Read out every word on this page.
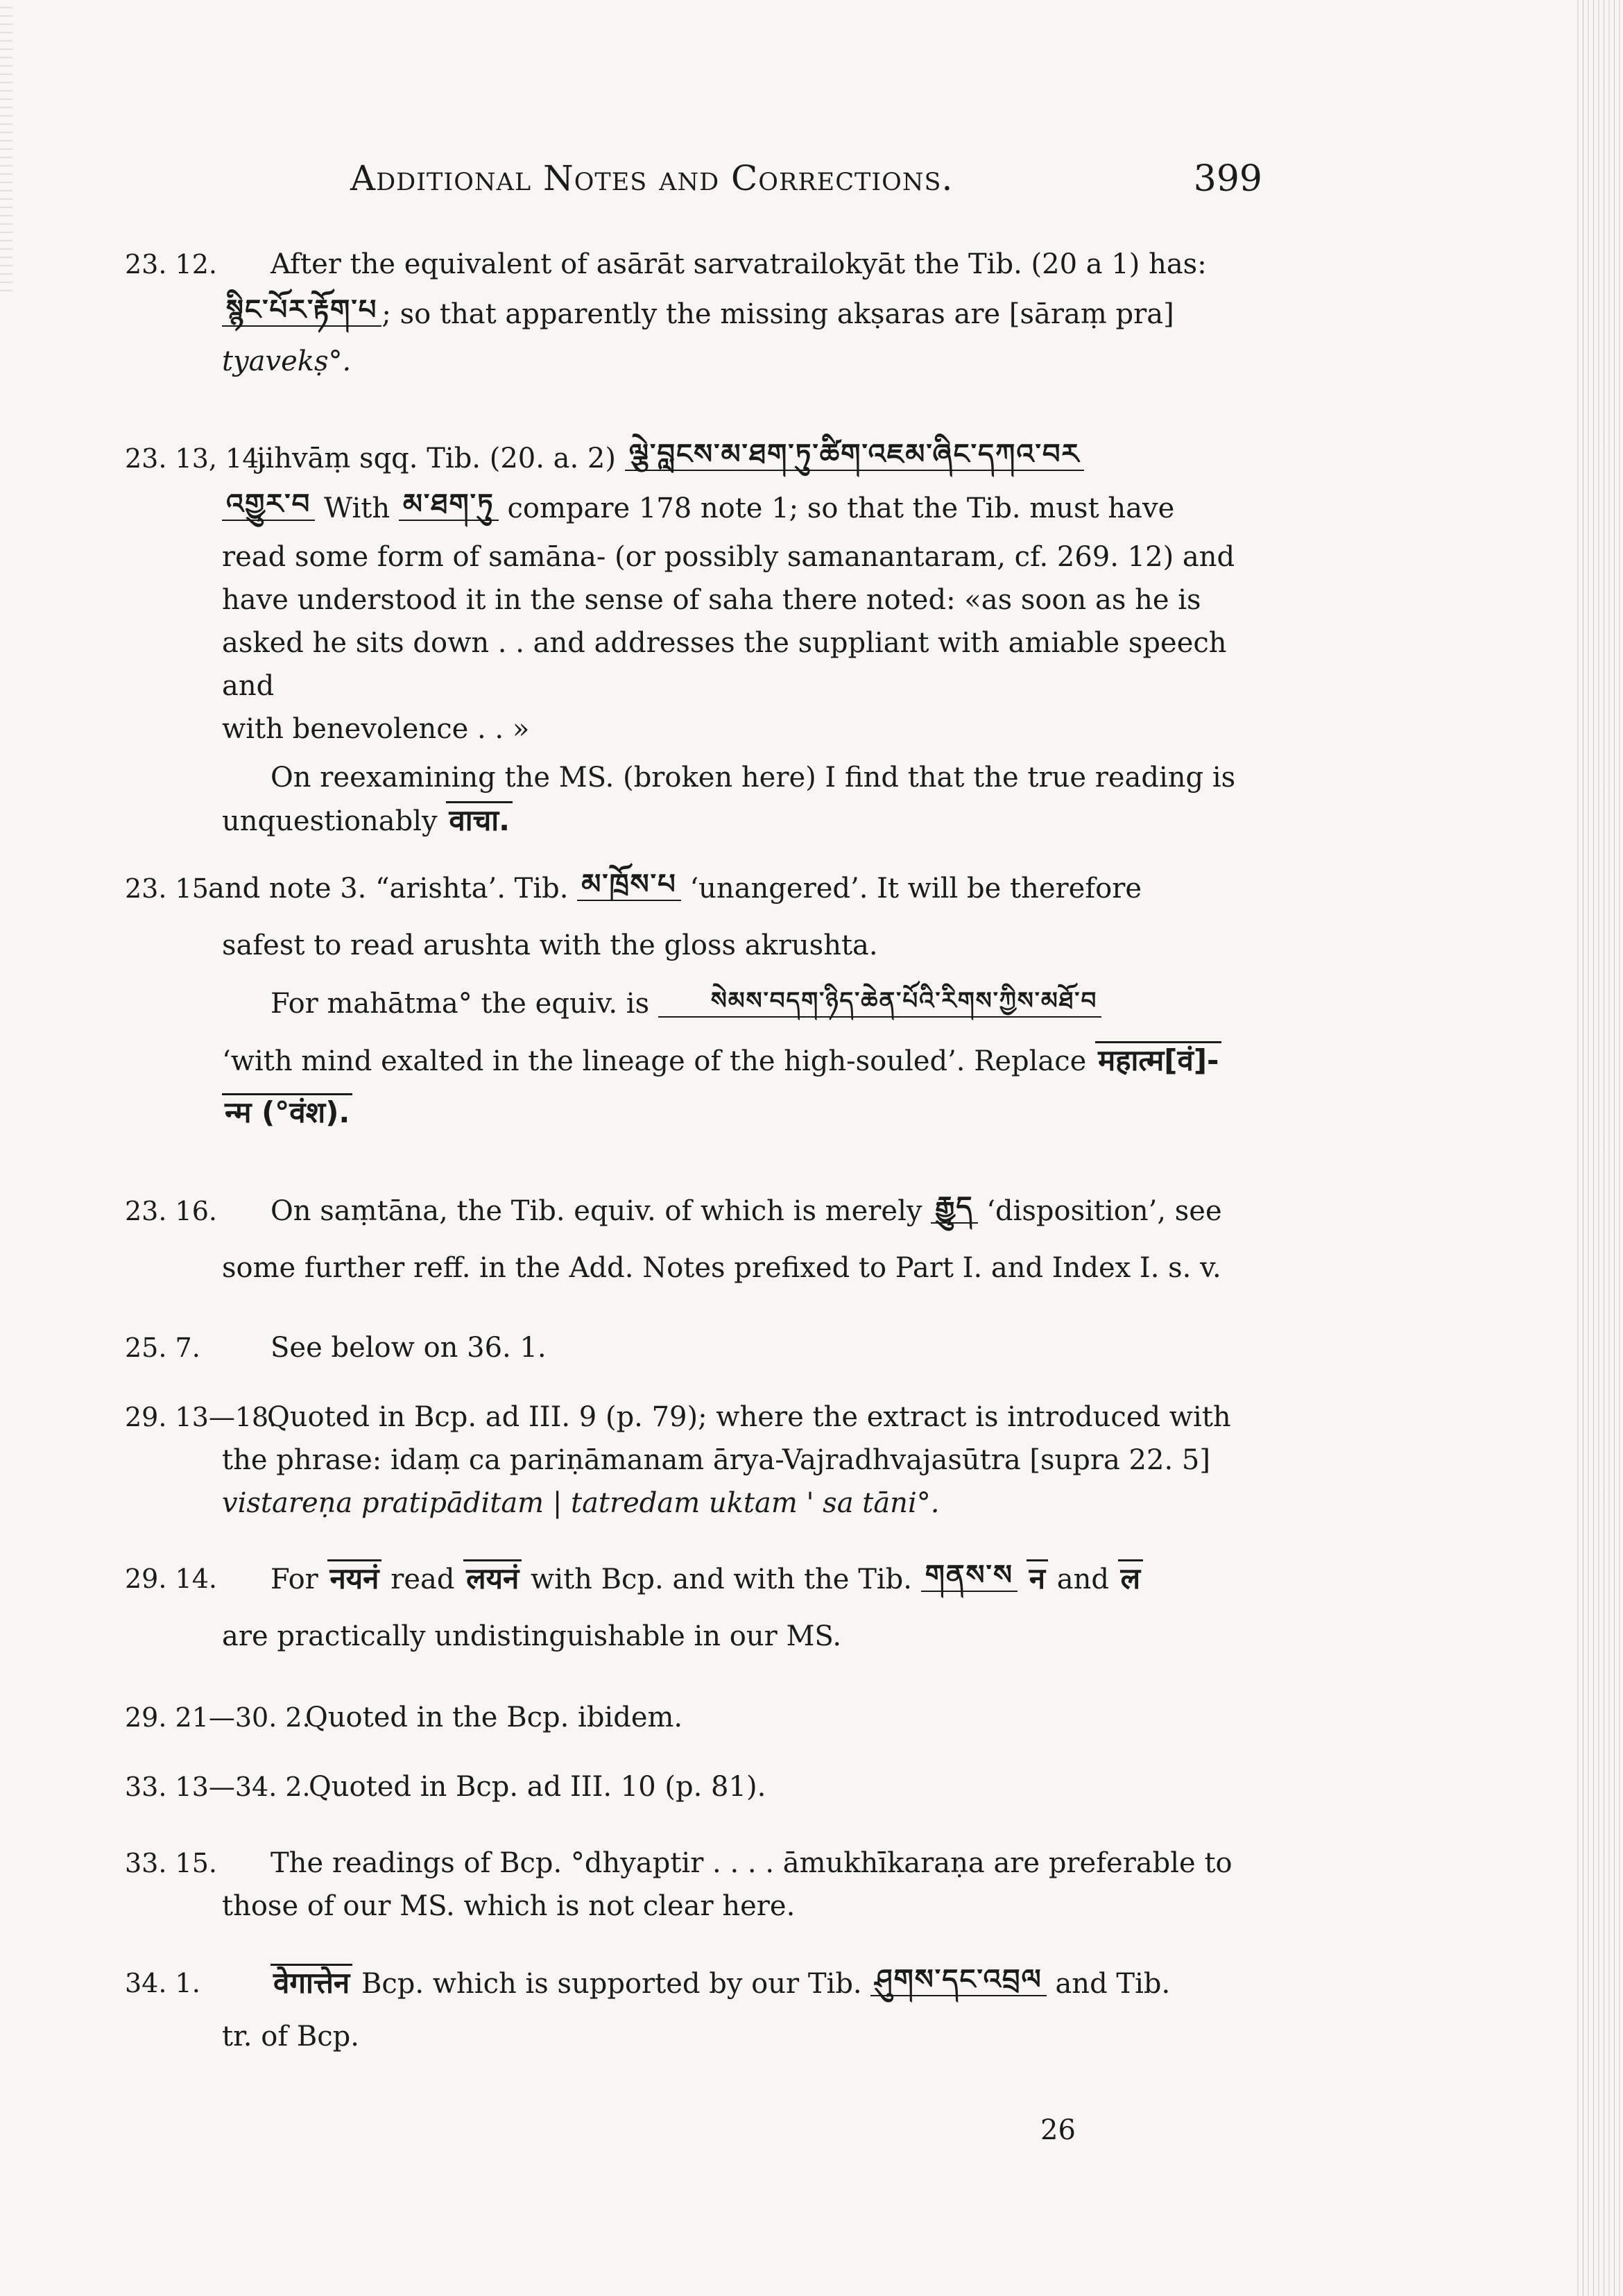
Additional Notes and Corrections.	399
23. 12. After the equivalent of asārāt sarvatrailokyāt the Tib. (20 a 1) has:

སྙིང་པོར་རྟོག་པ ; so that apparently the missing akṣaras are [sāraṃ pra]

tyavekṣ°.

23. 13, 14.

jihvāṃ sqq. Tib. (20. a. 2) ལྕེ་བླངས་མ་ཐག་ཏུ་ཚིག་འཇམ་ཞིང་དཀའ་བར

འགྱུར་བ With མ་ཐག་ཏུ compare 178 note 1; so that the Tib. must have

read some form of samāna- (or possibly samanantaram, cf. 269. 12) and

have understood it in the sense of saha there noted: «as soon as he is

asked he sits down . . and addresses the suppliant with amiable speech and

with benevolence . . »

On reexamining the MS. (broken here) I find that the true reading is

unquestionably वाचा.

23. 15 and note 3. “arishta’. Tib. མ་ཁྲོས་པ ‘unangered’. It will be therefore

safest to read arushta with the gloss akrushta.

For mahātma° the equiv. is	སེམས་བདག་ཉིད་ཆེན་པོའི་རིགས་ཀྱིས་མཐོ་བ

‘with mind exalted in the lineage of the high-souled’. Replace महात्म[वं]-

न्म (°वंश).

23. 16. On saṃtāna, the Tib. equiv. of which is merely རྒྱུད ‘disposition’, see

some further reff. in the Add. Notes prefixed to Part I. and Index I. s. v.

25. 7.	See below on 36. 1.

29. 13—18.

Quoted in Bcp. ad III. 9 (p. 79); where the extract is introduced with

the phrase: idaṃ ca pariṇāmanam ārya-Vajradhvajasūtra [supra 22. 5]

vistareṇa pratipāditam | tatredam uktam ' sa tāni°.

29. 14. For नयनं read लयनं with Bcp. and with the Tib. གནས་ས न and ल

are practically undistinguishable in our MS.

29. 21—30. 2.

Quoted in the Bcp. ibidem.

33. 13—34. 2.

Quoted in Bcp. ad III. 10 (p. 81).

33. 15. The readings of Bcp. °dhyaptir . . . . āmukhīkaraṇa are preferable to

those of our MS. which is not clear here.

34. 1.	वेगात्तेन Bcp. which is supported by our Tib. ཤུགས་དང་འབྲལ and Tib.

tr. of Bcp.

26
